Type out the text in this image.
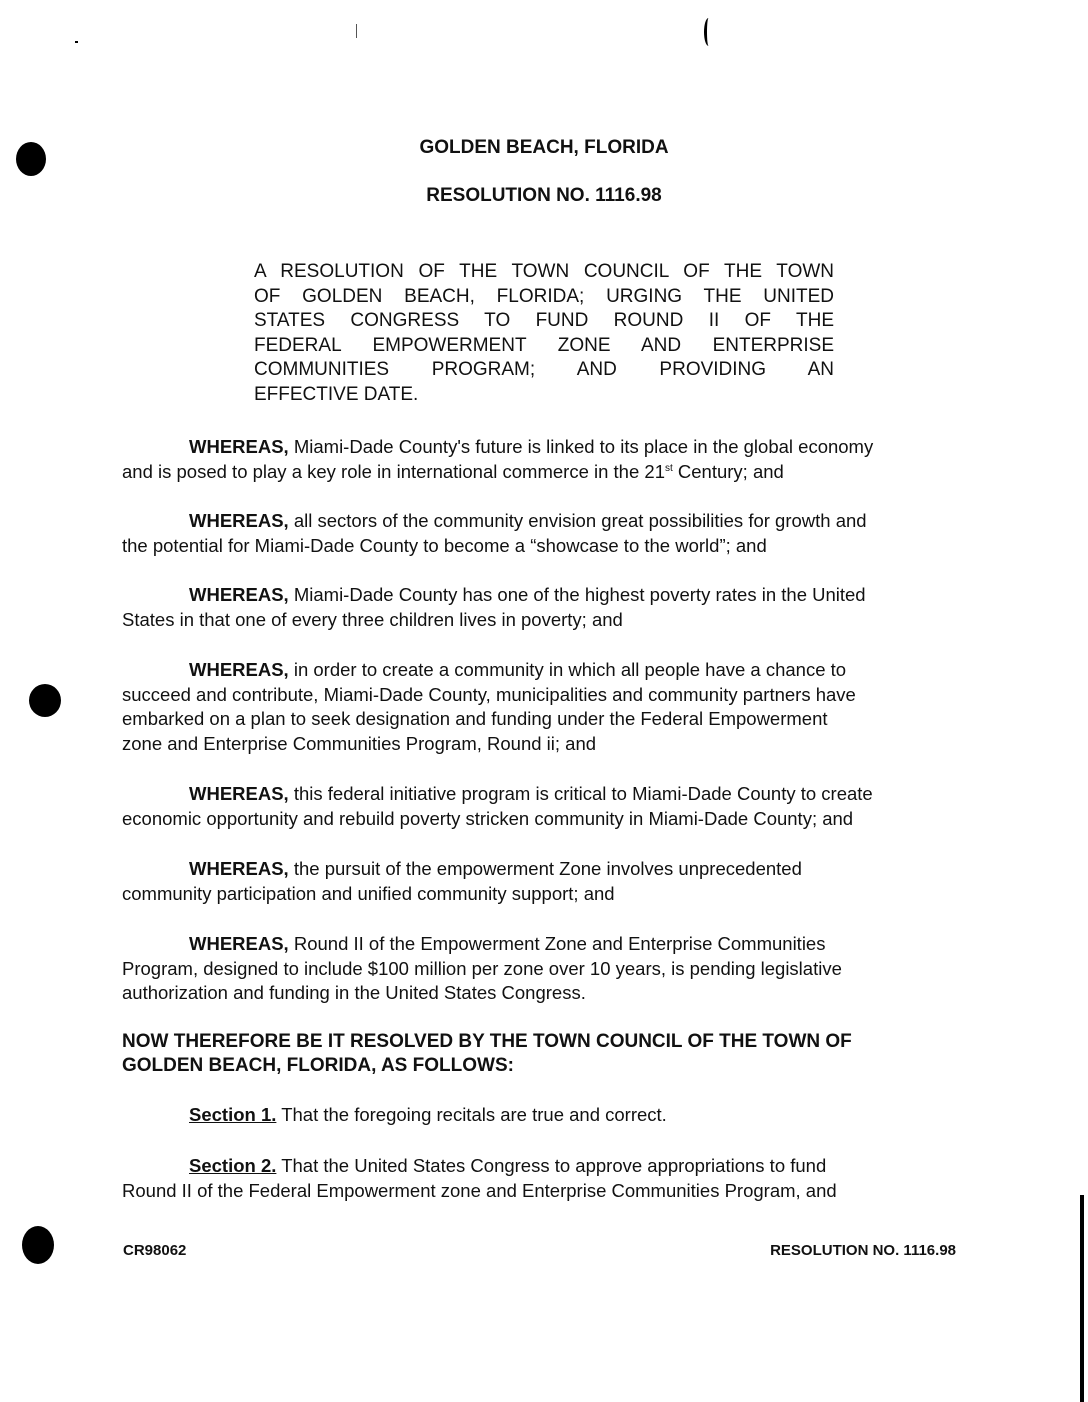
GOLDEN BEACH, FLORIDA
RESOLUTION NO. 1116.98
A RESOLUTION OF THE TOWN COUNCIL OF THE TOWN
OF GOLDEN BEACH, FLORIDA; URGING THE UNITED
STATES CONGRESS TO FUND ROUND II OF THE
FEDERAL EMPOWERMENT ZONE AND ENTERPRISE
COMMUNITIES PROGRAM; AND PROVIDING AN
EFFECTIVE DATE.
WHEREAS, Miami-Dade County's future is linked to its place in the global economy
and is posed to play a key role in international commerce in the 21st Century; and
WHEREAS, all sectors of the community envision great possibilities for growth and
the potential for Miami-Dade County to become a “showcase to the world”; and
WHEREAS, Miami-Dade County has one of the highest poverty rates in the United
States in that one of every three children lives in poverty; and
WHEREAS, in order to create a community in which all people have a chance to
succeed and contribute, Miami-Dade County, municipalities and community partners have
embarked on a plan to seek designation and funding under the Federal Empowerment
zone and Enterprise Communities Program, Round ii; and
WHEREAS, this federal initiative program is critical to Miami-Dade County to create
economic opportunity and rebuild poverty stricken community in Miami-Dade County; and
WHEREAS, the pursuit of the empowerment Zone involves unprecedented
community participation and unified community support; and
WHEREAS, Round II of the Empowerment Zone and Enterprise Communities
Program, designed to include $100 million per zone over 10 years, is pending legislative
authorization and funding in the United States Congress.
NOW THEREFORE BE IT RESOLVED BY THE TOWN COUNCIL OF THE TOWN OF
GOLDEN BEACH, FLORIDA, AS FOLLOWS:
Section 1. That the foregoing recitals are true and correct.
Section 2. That the United States Congress to approve appropriations to fund
Round II of the Federal Empowerment zone and Enterprise Communities Program, and
CR98062	RESOLUTION NO. 1116.98
